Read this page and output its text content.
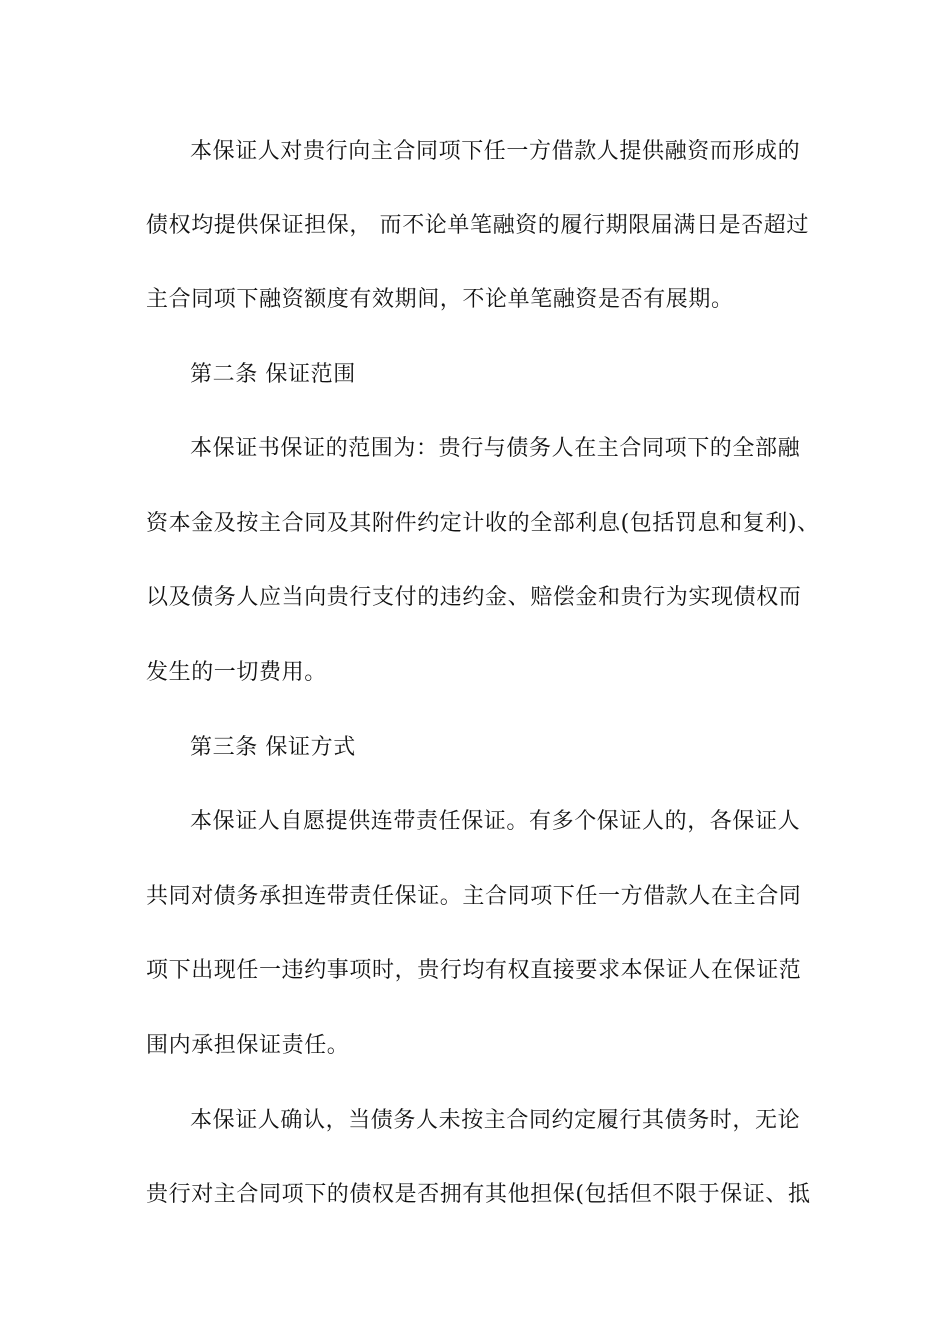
本保证人对贵行向主合同项下任一方借款人提供融资而形成的
债权均提供保证担保， 而不论单笔融资的履行期限届满日是否超过
主合同项下融资额度有效期间，不论单笔融资是否有展期。
第二条 保证范围
本保证书保证的范围为：贵行与债务人在主合同项下的全部融
资本金及按主合同及其附件约定计收的全部利息(包括罚息和复利)、
以及债务人应当向贵行支付的违约金、赔偿金和贵行为实现债权而
发生的一切费用。
第三条 保证方式
本保证人自愿提供连带责任保证。有多个保证人的，各保证人
共同对债务承担连带责任保证。主合同项下任一方借款人在主合同
项下出现任一违约事项时，贵行均有权直接要求本保证人在保证范
围内承担保证责任。
本保证人确认，当债务人未按主合同约定履行其债务时，无论
贵行对主合同项下的债权是否拥有其他担保(包括但不限于保证、抵
